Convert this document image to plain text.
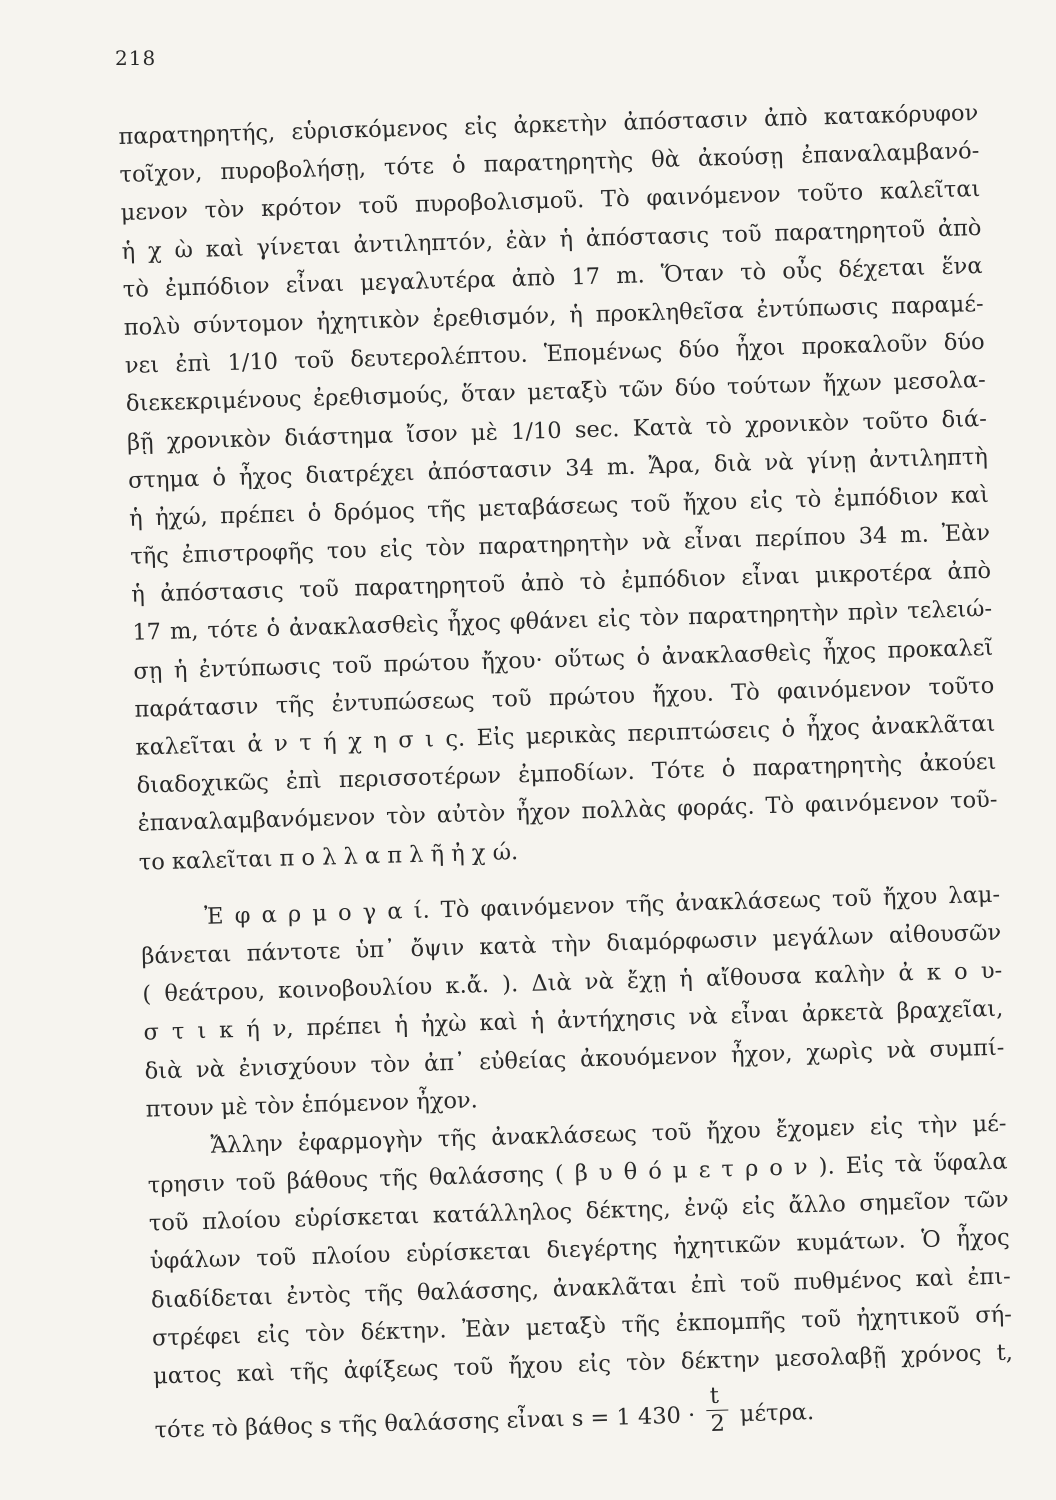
218
παρατηρητής, εὑρισκόμενος εἰς ἀρκετὴν ἀπόστασιν ἀπὸ κατακόρυφον
τοῖχον, πυροβολήσῃ, τότε ὁ παρατηρητὴς θὰ ἀκούσῃ ἐπαναλαμβανό-
μενον τὸν κρότον τοῦ πυροβολισμοῦ. Τὸ φαινόμενον τοῦτο καλεῖται
ἡ χ ὼ καὶ γίνεται ἀντιληπτόν, ἐὰν ἡ ἀπόστασις τοῦ παρατηρητοῦ ἀπὸ
τὸ ἐμπόδιον εἶναι μεγαλυτέρα ἀπὸ 17 m. Ὅταν τὸ οὖς δέχεται ἕνα
πολὺ σύντομον ἠχητικὸν ἐρεθισμόν, ἡ προκληθεῖσα ἐντύπωσις παραμέ-
νει ἐπὶ 1/10 τοῦ δευτερολέπτου. Ἑπομένως δύο ἦχοι προκαλοῦν δύο
διεκεκριμένους ἐρεθισμούς, ὅταν μεταξὺ τῶν δύο τούτων ἤχων μεσολα-
βῇ χρονικὸν διάστημα ἴσον μὲ 1/10 sec. Κατὰ τὸ χρονικὸν τοῦτο διά-
στημα ὁ ἦχος διατρέχει ἀπόστασιν 34 m. Ἄρα, διὰ νὰ γίνῃ ἀντιληπτὴ
ἡ ἠχώ, πρέπει ὁ δρόμος τῆς μεταβάσεως τοῦ ἤχου εἰς τὸ ἐμπόδιον καὶ
τῆς ἐπιστροφῆς του εἰς τὸν παρατηρητὴν νὰ εἶναι περίπου 34 m. Ἐὰν
ἡ ἀπόστασις τοῦ παρατηρητοῦ ἀπὸ τὸ ἐμπόδιον εἶναι μικροτέρα ἀπὸ
17 m, τότε ὁ ἀνακλασθεὶς ἦχος φθάνει εἰς τὸν παρατηρητὴν πρὶν τελειώ-
σῃ ἡ ἐντύπωσις τοῦ πρώτου ἤχου· οὕτως ὁ ἀνακλασθεὶς ἦχος προκαλεῖ
παράτασιν τῆς ἐντυπώσεως τοῦ πρώτου ἤχου. Τὸ φαινόμενον τοῦτο
καλεῖται ἀ ν τ ή χ η σ ι ς. Εἰς μερικὰς περιπτώσεις ὁ ἦχος ἀνακλᾶται
διαδοχικῶς ἐπὶ περισσοτέρων ἐμποδίων. Τότε ὁ παρατηρητὴς ἀκούει
ἐπαναλαμβανόμενον τὸν αὐτὸν ἦχον πολλὰς φοράς. Τὸ φαινόμενον τοῦ-
το καλεῖται π ο λ λ α π λ ῆ ἠ χ ώ.
Ἐ φ α ρ μ ο γ α ί. Τὸ φαινόμενον τῆς ἀνακλάσεως τοῦ ἤχου λαμ-
βάνεται πάντοτε ὑπ᾽ ὄψιν κατὰ τὴν διαμόρφωσιν μεγάλων αἰθουσῶν
( θεάτρου, κοινοβουλίου κ.ἄ. ). Διὰ νὰ ἔχῃ ἡ αἴθουσα καλὴν ἀ κ ο υ-
σ τ ι κ ή ν, πρέπει ἡ ἠχὼ καὶ ἡ ἀντήχησις νὰ εἶναι ἀρκετὰ βραχεῖαι,
διὰ νὰ ἐνισχύουν τὸν ἀπ᾽ εὐθείας ἀκουόμενον ἦχον, χωρὶς νὰ συμπί-
πτουν μὲ τὸν ἑπόμενον ἦχον.
Ἄλλην ἐφαρμογὴν τῆς ἀνακλάσεως τοῦ ἤχου ἔχομεν εἰς τὴν μέ-
τρησιν τοῦ βάθους τῆς θαλάσσης ( β υ θ ό μ ε τ ρ ο ν ). Εἰς τὰ ὕφαλα
τοῦ πλοίου εὑρίσκεται κατάλληλος δέκτης, ἐνῷ εἰς ἄλλο σημεῖον τῶν
ὑφάλων τοῦ πλοίου εὑρίσκεται διεγέρτης ἠχητικῶν κυμάτων. Ὁ ἦχος
διαδίδεται ἐντὸς τῆς θαλάσσης, ἀνακλᾶται ἐπὶ τοῦ πυθμένος καὶ ἐπι-
στρέφει εἰς τὸν δέκτην. Ἐὰν μεταξὺ τῆς ἐκπομπῆς τοῦ ἠχητικοῦ σή-
ματος καὶ τῆς ἀφίξεως τοῦ ἤχου εἰς τὸν δέκτην μεσολαβῇ χρόνος t,
τότε τὸ βάθος s τῆς θαλάσσης εἶναι s = 1 $430 \cdot \frac{t}{2} \mu έ\tau\rho\alpha$.
